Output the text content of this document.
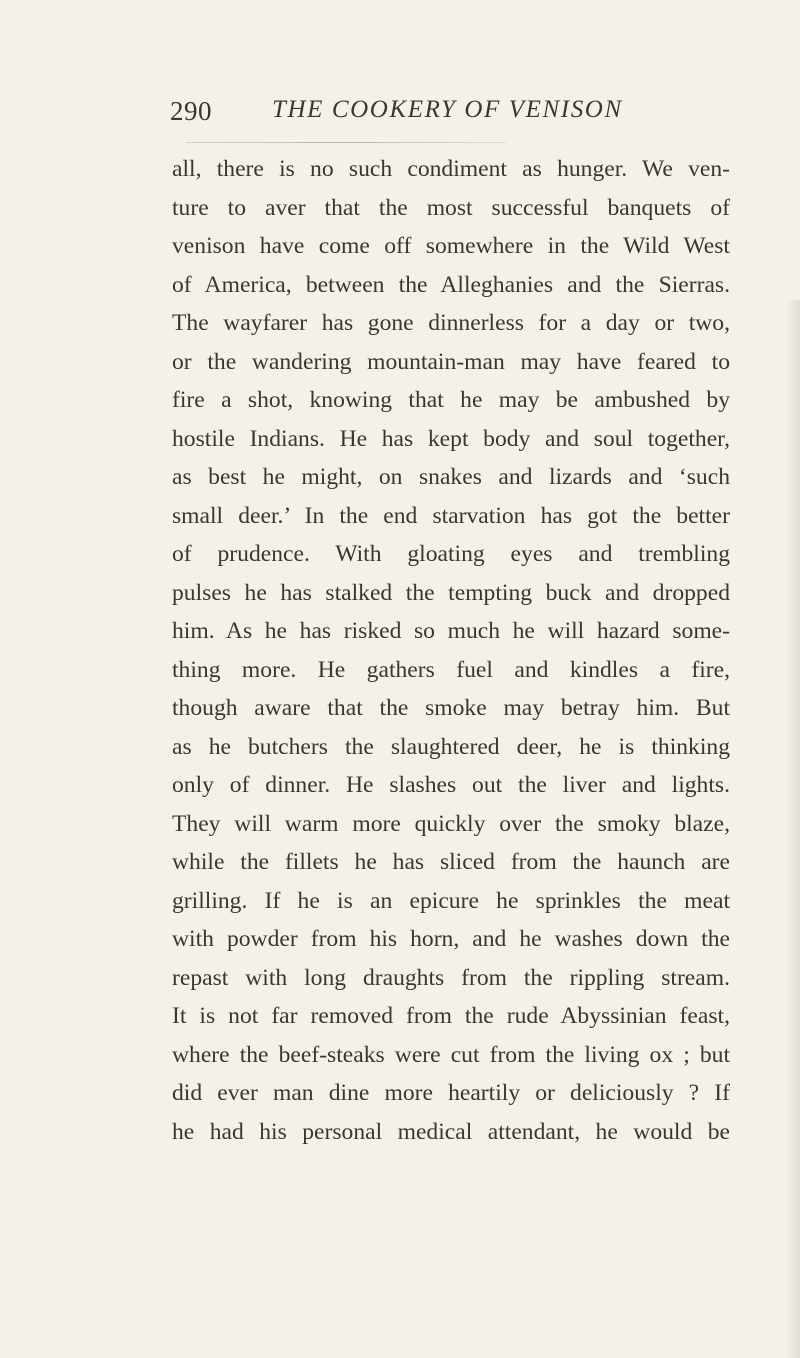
290 THE COOKERY OF VENISON
all, there is no such condiment as hunger. We ven-
ture to aver that the most successful banquets of
venison have come off somewhere in the Wild West
of America, between the Alleghanies and the Sierras.
The wayfarer has gone dinnerless for a day or two,
or the wandering mountain-man may have feared to
fire a shot, knowing that he may be ambushed by
hostile Indians. He has kept body and soul together,
as best he might, on snakes and lizards and ‘such
small deer.’ In the end starvation has got the better
of prudence. With gloating eyes and trembling
pulses he has stalked the tempting buck and dropped
him. As he has risked so much he will hazard some-
thing more. He gathers fuel and kindles a fire,
though aware that the smoke may betray him. But
as he butchers the slaughtered deer, he is thinking
only of dinner. He slashes out the liver and lights.
They will warm more quickly over the smoky blaze,
while the fillets he has sliced from the haunch are
grilling. If he is an epicure he sprinkles the meat
with powder from his horn, and he washes down the
repast with long draughts from the rippling stream.
It is not far removed from the rude Abyssinian feast,
where the beef-steaks were cut from the living ox ; but
did ever man dine more heartily or deliciously ? If
he had his personal medical attendant, he would be
